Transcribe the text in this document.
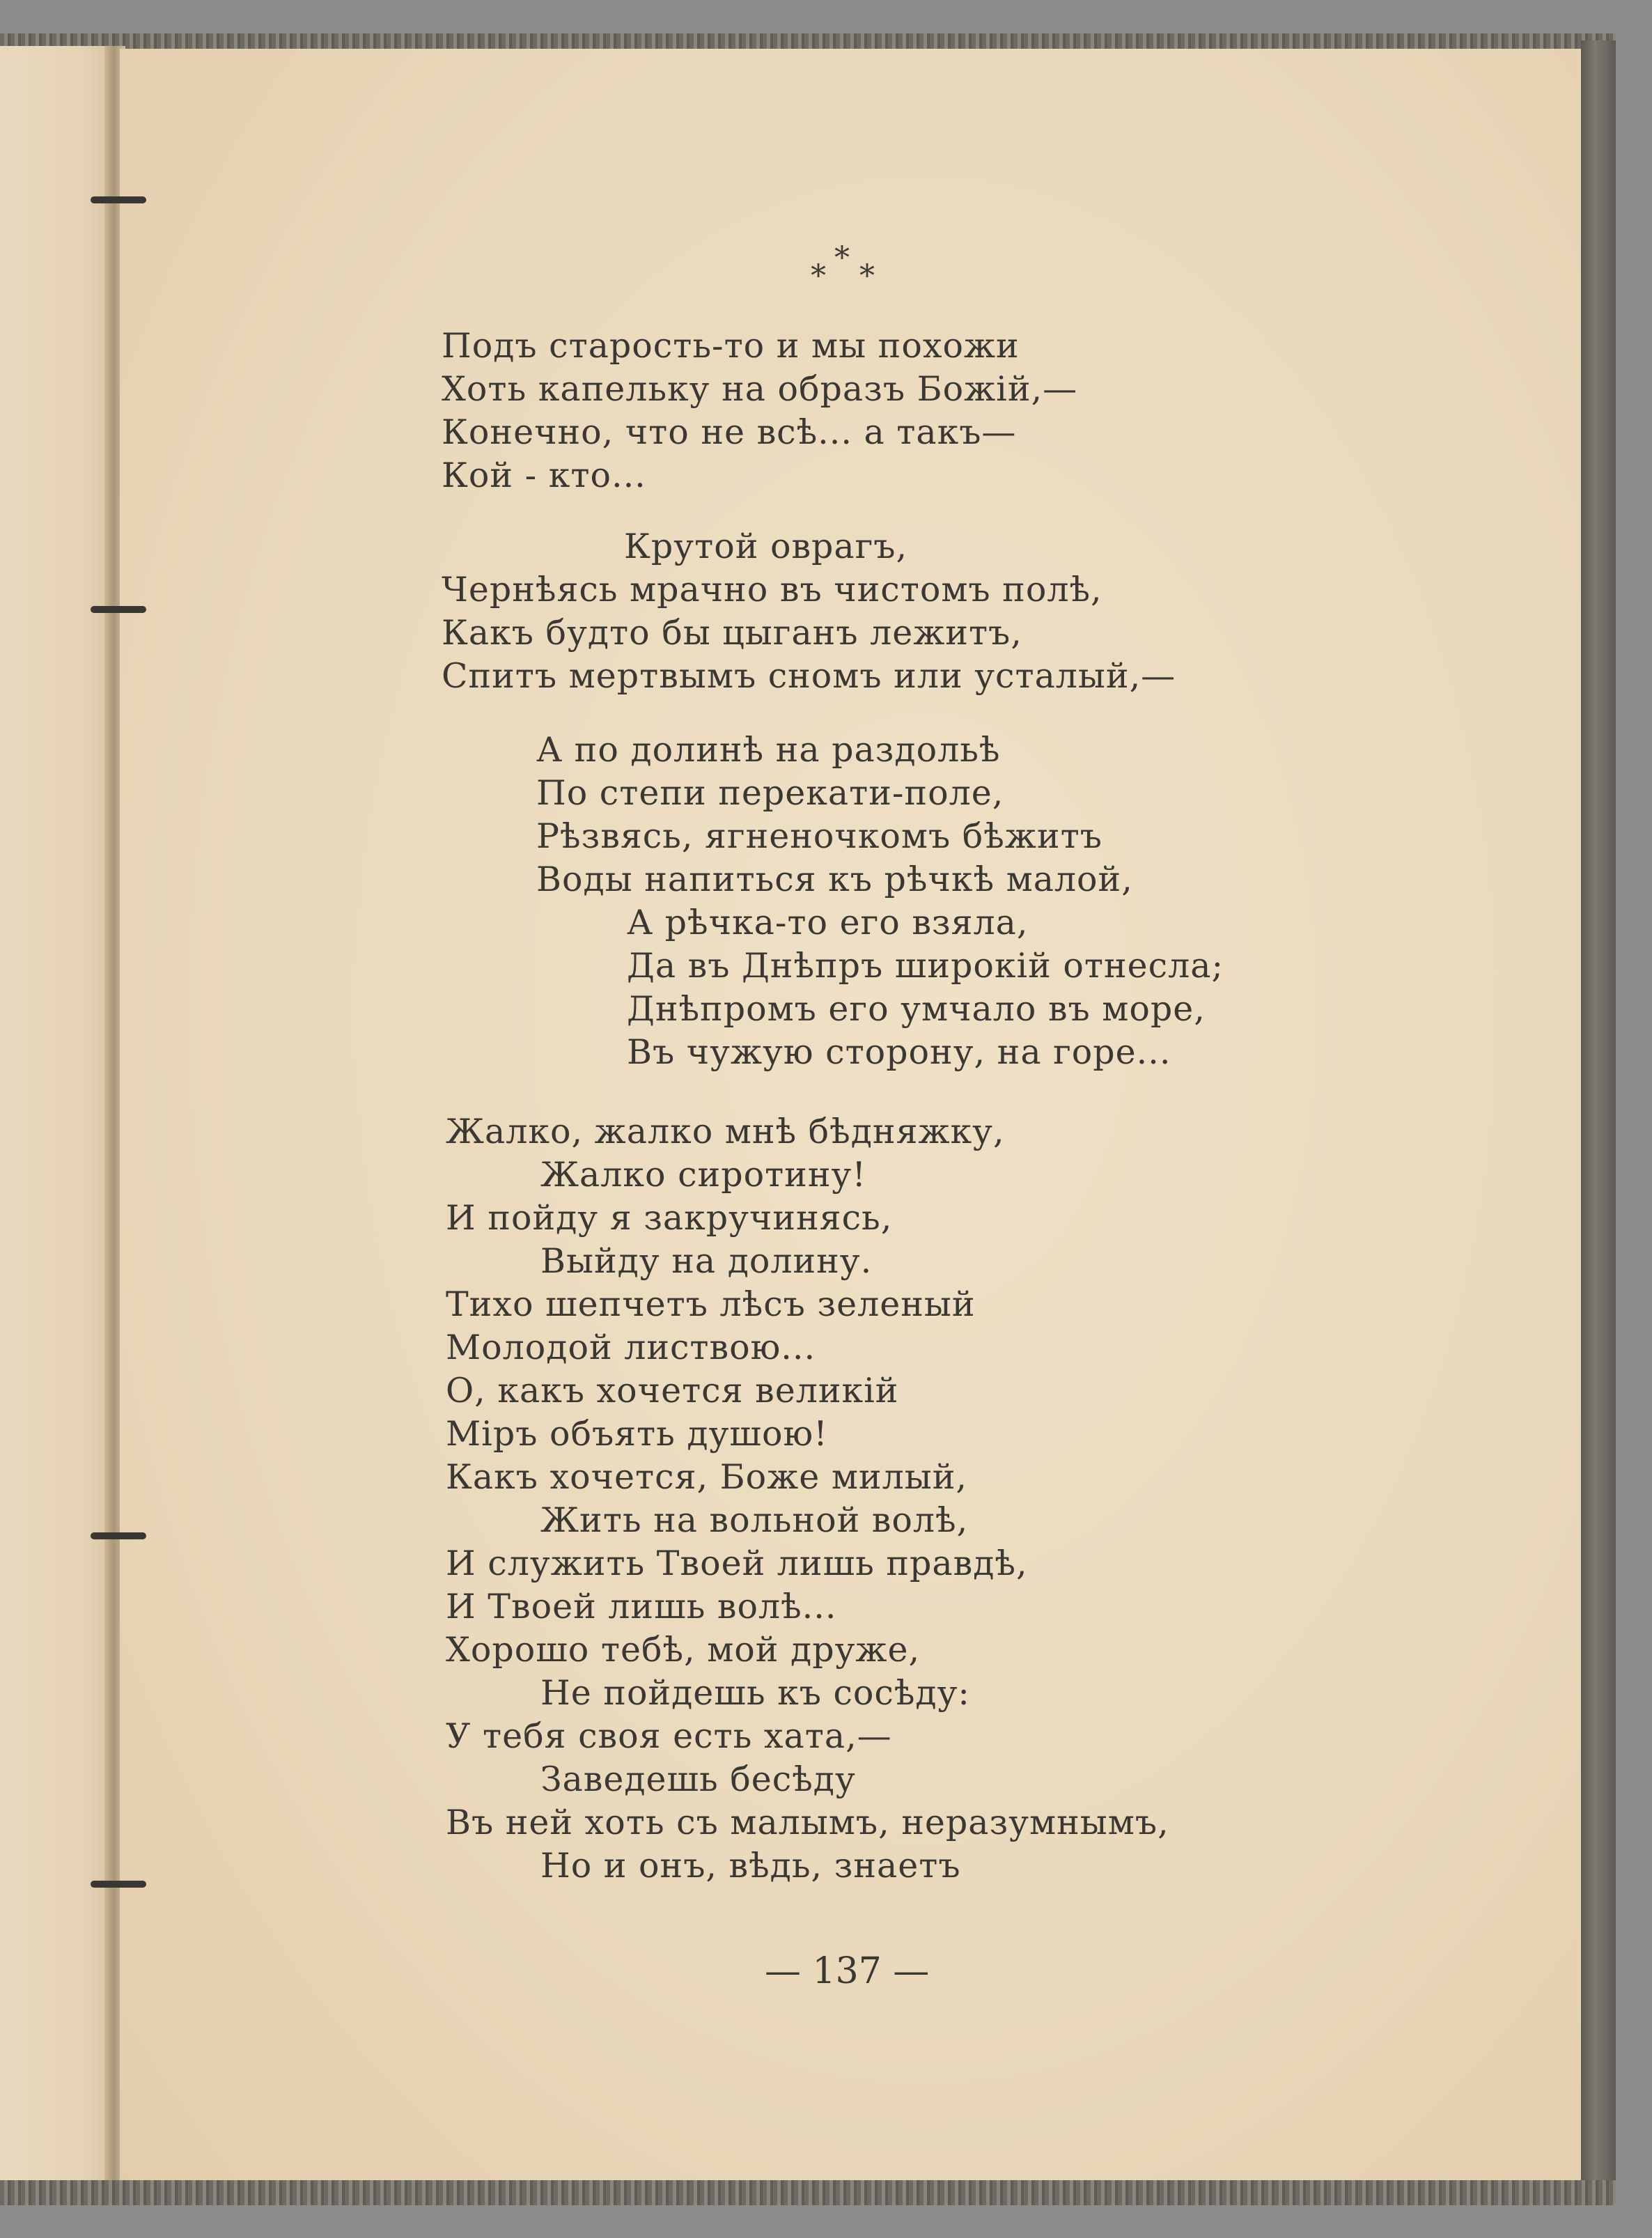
*
*
*
Подъ старость-то и мы похожи
Хоть капельку на образъ Божій,—
Конечно, что не всѣ... а такъ—
Кой - кто...
Крутой оврагъ,
Чернѣясь мрачно въ чистомъ полѣ,
Какъ будто бы цыганъ лежитъ,
Спитъ мертвымъ сномъ или усталый,—
А по долинѣ на раздольѣ
По степи перекати-поле,
Рѣзвясь, ягненочкомъ бѣжитъ
Воды напиться къ рѣчкѣ малой,
А рѣчка-то его взяла,
Да въ Днѣпръ широкій отнесла;
Днѣпромъ его умчало въ море,
Въ чужую сторону, на горе...
Жалко, жалко мнѣ бѣдняжку,
Жалко сиротину!
И пойду я закручинясь,
Выйду на долину.
Тихо шепчетъ лѣсъ зеленый
Молодой листвою...
О, какъ хочется великій
Міръ объять душою!
Какъ хочется, Боже милый,
Жить на вольной волѣ,
И служить Твоей лишь правдѣ,
И Твоей лишь волѣ...
Хорошо тебѣ, мой друже,
Не пойдешь къ сосѣду:
У тебя своя есть хата,—
Заведешь бесѣду
Въ ней хоть съ малымъ, неразумнымъ,
Но и онъ, вѣдь, знаетъ
— 137 —
